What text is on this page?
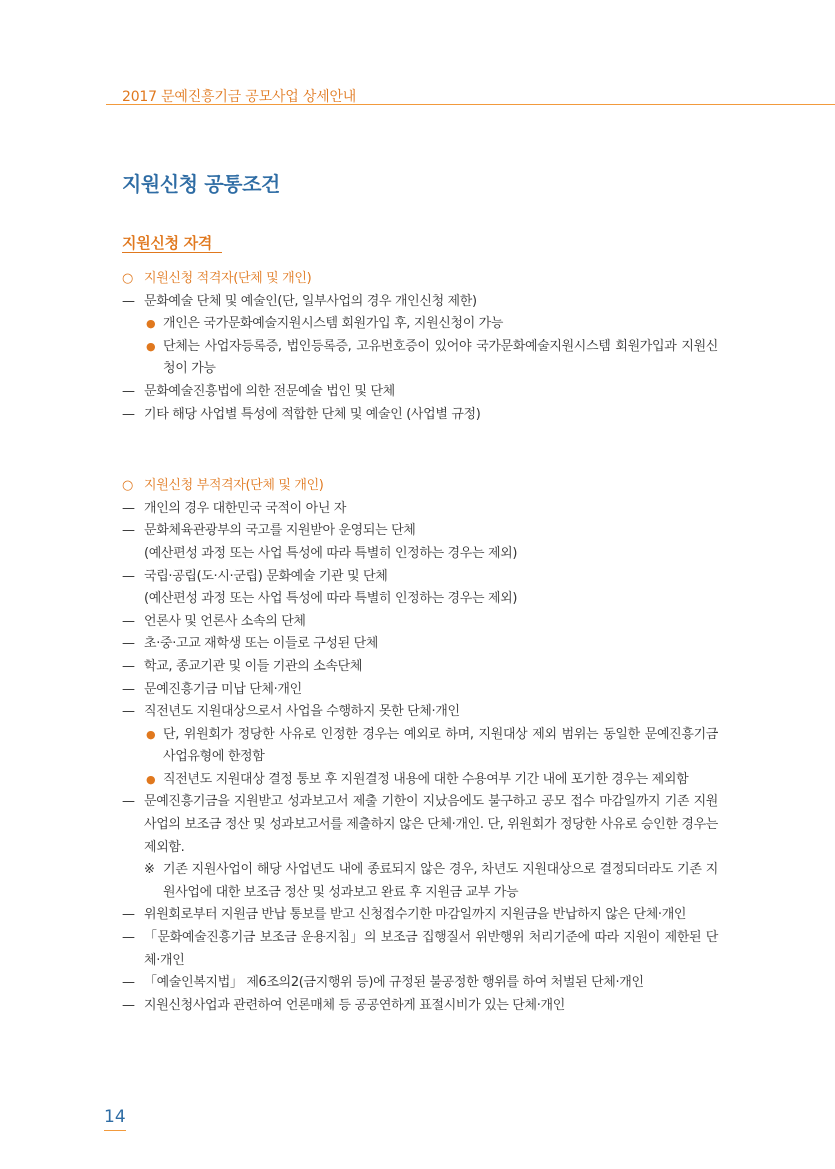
2017 문예진흥기금 공모사업 상세안내
지원신청 공통조건
지원신청 자격
○ 지원신청 적격자(단체 및 개인)
— 문화예술 단체 및 예술인(단, 일부사업의 경우 개인신청 제한)
● 개인은 국가문화예술지원시스템 회원가입 후, 지원신청이 가능
● 단체는 사업자등록증, 법인등록증, 고유번호증이 있어야 국가문화예술지원시스템 회원가입과 지원신청이 가능
— 문화예술진흥법에 의한 전문예술 법인 및 단체
— 기타 해당 사업별 특성에 적합한 단체 및 예술인 (사업별 규정)
○ 지원신청 부적격자(단체 및 개인)
— 개인의 경우 대한민국 국적이 아닌 자
— 문화체육관광부의 국고를 지원받아 운영되는 단체
(예산편성 과정 또는 사업 특성에 따라 특별히 인정하는 경우는 제외)
— 국립·공립(도·시·군립) 문화예술 기관 및 단체
(예산편성 과정 또는 사업 특성에 따라 특별히 인정하는 경우는 제외)
— 언론사 및 언론사 소속의 단체
— 초·중·고교 재학생 또는 이들로 구성된 단체
— 학교, 종교기관 및 이들 기관의 소속단체
— 문예진흥기금 미납 단체·개인
— 직전년도 지원대상으로서 사업을 수행하지 못한 단체·개인
● 단, 위원회가 정당한 사유로 인정한 경우는 예외로 하며, 지원대상 제외 범위는 동일한 문예진흥기금 사업유형에 한정함
● 직전년도 지원대상 결정 통보 후 지원결정 내용에 대한 수용여부 기간 내에 포기한 경우는 제외함
— 문예진흥기금을 지원받고 성과보고서 제출 기한이 지났음에도 불구하고 공모 접수 마감일까지 기존 지원사업의 보조금 정산 및 성과보고서를 제출하지 않은 단체·개인. 단, 위원회가 정당한 사유로 승인한 경우는 제외함.
※ 기존 지원사업이 해당 사업년도 내에 종료되지 않은 경우, 차년도 지원대상으로 결정되더라도 기존 지원사업에 대한 보조금 정산 및 성과보고 완료 후 지원금 교부 가능
— 위원회로부터 지원금 반납 통보를 받고 신청접수기한 마감일까지 지원금을 반납하지 않은 단체·개인
— 「문화예술진흥기금 보조금 운용지침」의 보조금 집행질서 위반행위 처리기준에 따라 지원이 제한된 단체·개인
— 「예술인복지법」 제6조의2(금지행위 등)에 규정된 불공정한 행위를 하여 처벌된 단체·개인
— 지원신청사업과 관련하여 언론매체 등 공공연하게 표절시비가 있는 단체·개인
14
